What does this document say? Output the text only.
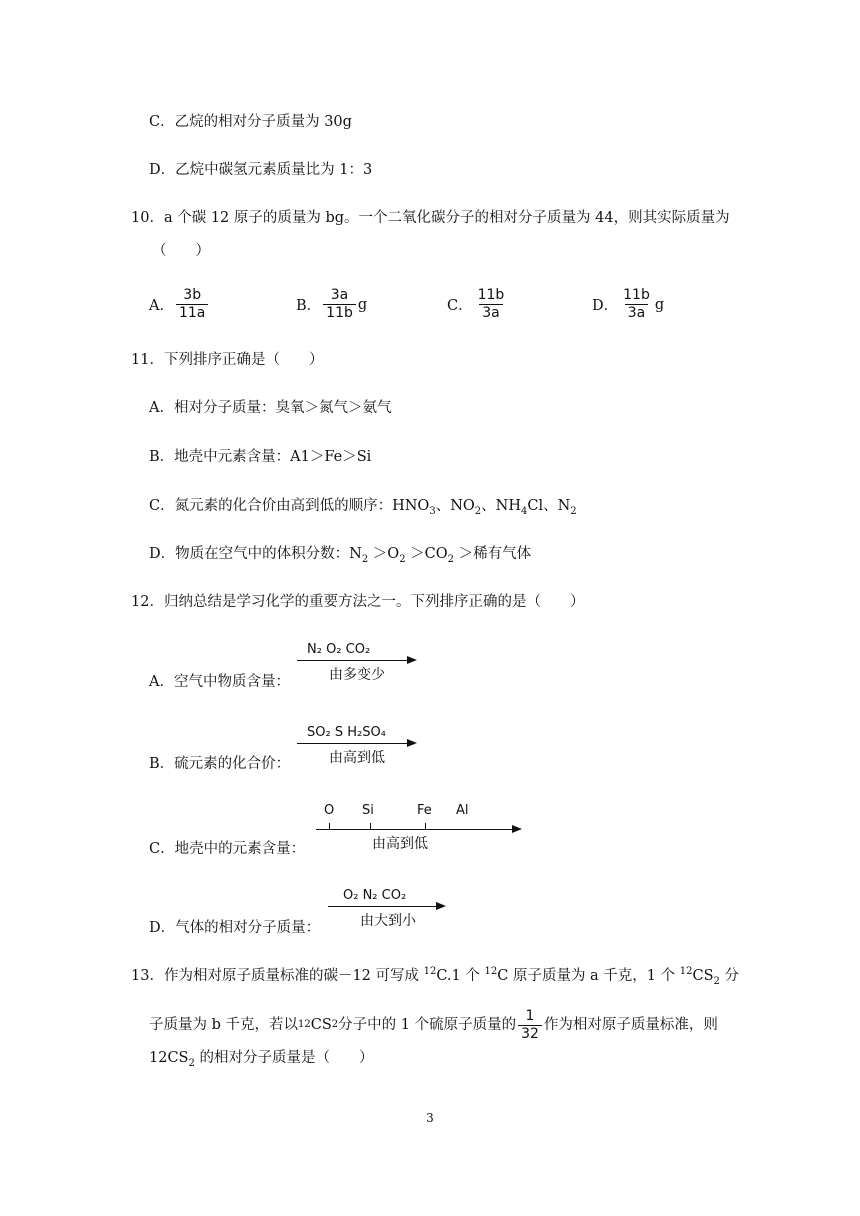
C．乙烷的相对分子质量为 30g
D．乙烷中碳氢元素质量比为 1：3
10．a 个碳 12 原子的质量为 bg。一个二氧化碳分子的相对分子质量为 44，则其实际质量为
（　　）
A． $\frac{3b}{11a}$	B． $\frac{3a}{11b}$ g	C． $\frac{11b}{3a}$	D． $\frac{11b}{3a}$ g
11．下列排序正确是（　　）
A．相对分子质量：臭氧＞氮气＞氨气
B．地壳中元素含量：A1＞Fe＞Si
C．氮元素的化合价由高到低的顺序：$HNO_3$、$NO_2$、$NH_4Cl$、$N_2$
D．物质在空气中的体积分数：$N_2 >O_2 >CO_2$ ＞稀有气体
12．归纳总结是学习化学的重要方法之一。下列排序正确的是（　　）
A．空气中物质含量：
N₂ O₂ CO₂
由多变少
B．硫元素的化合价：
SO₂ S H₂SO₄
由高到低
C．地壳中的元素含量：
O Si	Fe Al
由高到低
D．气体的相对分子质量：
O₂ N₂ CO₂
由大到小
13．作为相对原子质量标准的碳－12 可写成 $^{12}$C.1 个 $^{12}$C 原子质量为 a 千克，1 个 $^{12}CS_2$ 分
子质量为 b 千克，若以 12 CS 2 分子中的 1 个硫原子质量的 $\frac{1}{32}$ 作为相对原子质量标准，则
$12CS_2$ 的相对分子质量是（　　）
3
